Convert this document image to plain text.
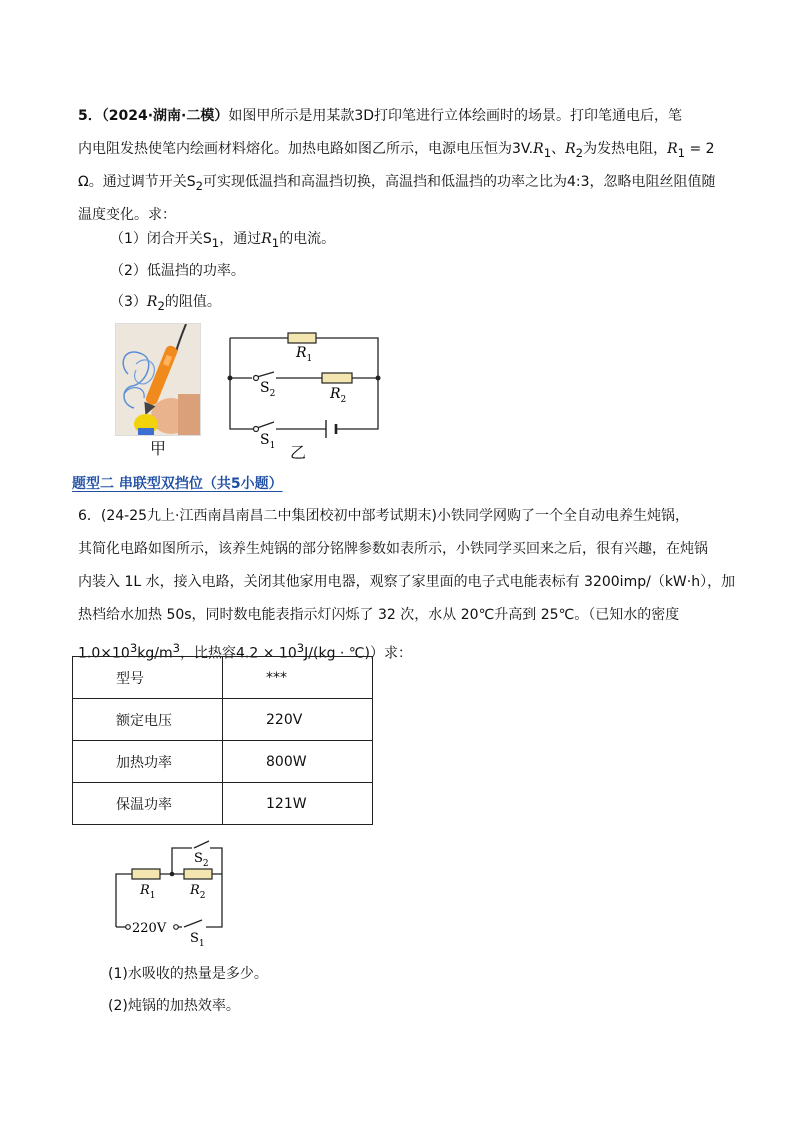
5．（2024·湖南·二模）如图甲所示是用某款3D打印笔进行立体绘画时的场景。打印笔通电后，笔
内电阻发热使笔内绘画材料熔化。加热电路如图乙所示，电源电压恒为$3V.R_1$、$R_2$为发热电阻，$R_1 = 2$
Ω。通过调节开关$S_2$可实现低温挡和高温挡切换，高温挡和低温挡的功率之比为4:3，忽略电阻丝阻值随
温度变化。求：
（1）闭合开关$S_1$，通过$R_1$的电流。
（2）低温挡的功率。
$(3)R_2$的阻值。
甲
$R_1$
$R_2$
$S_2$
$S_1$ 乙
题型二 串联型双挡位（共5小题）
6．(24-25九上·江西南昌南昌二中集团校初中部考试期末)小铁同学网购了一个全自动电养生炖锅，
其简化电路如图所示，该养生炖锅的部分铭牌参数如表所示，小铁同学买回来之后，很有兴趣，在炖锅
内装入 1L 水，接入电路，关闭其他家用电器，观察了家里面的电子式电能表标有 3200imp/（kW·h），加
热档给水加热 50s，同时数电能表指示灯闪烁了 32 次，水从 20℃升高到 25℃。（已知水的密度
$1.0\times 10^3kg/m^3$，比热容$4.2 \times 10^3J/(kg$ · ℃)）求：
型号	***
额定电压	220V
加热功率	800W
保温功率	121W
$R_1$	$R_2$
$S_2$
$S_1$
220V
(1)水吸收的热量是多少。
(2)炖锅的加热效率。
